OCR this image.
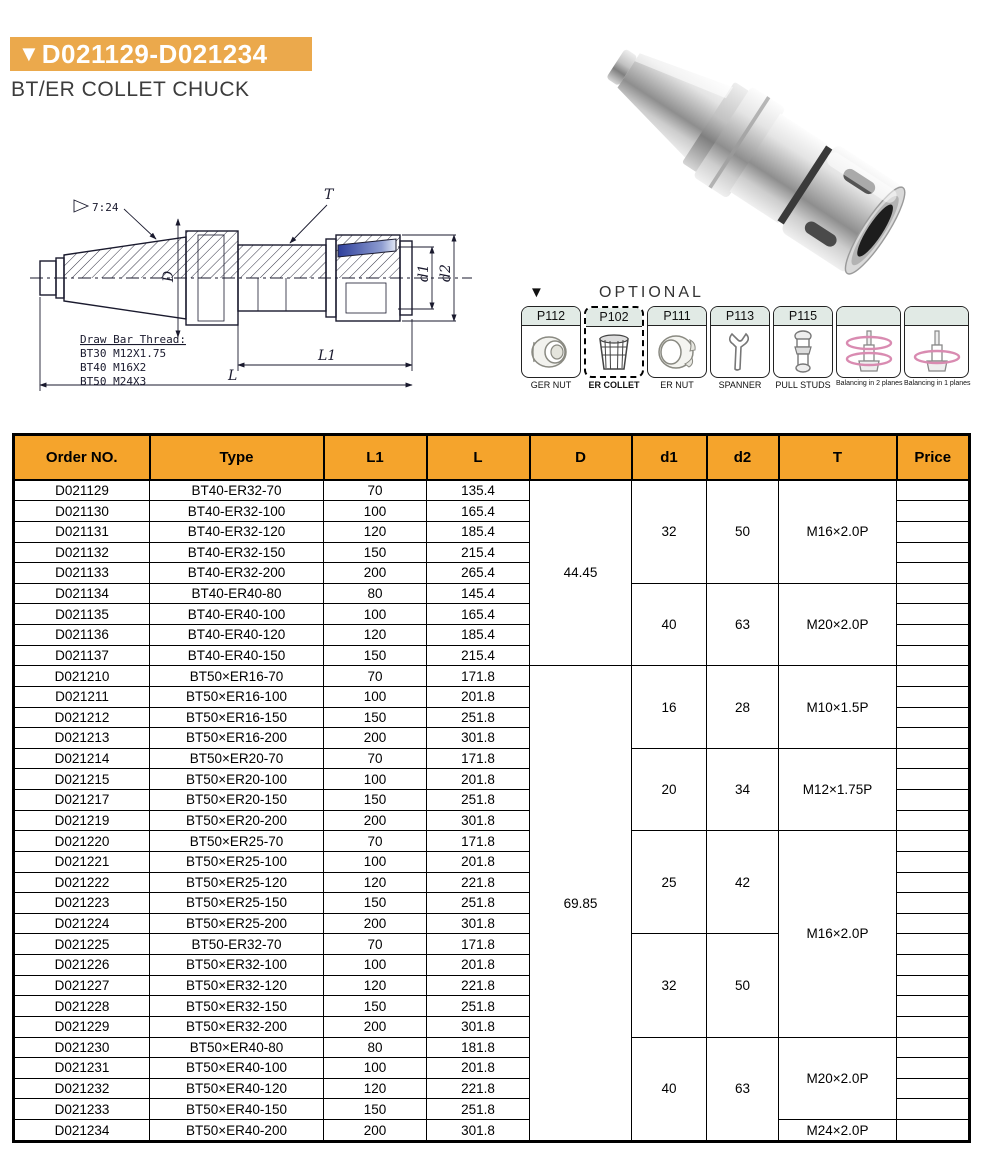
▼ D021129-D021234
BT/ER COLLET CHUCK
7:24
T
D	d1 d2
L1
L
Draw Bar Thread:
BT30 M12X1.75
BT40 M16X2
BT50 M24X3
▼	OPTIONAL
P112
GER NUT
P102
ER COLLET
P111
ER NUT
P113
SPANNER
P115
PULL STUDS Balancing in 2 planes Balancing in 1 planes
Order NO.	Type	L1	L	D	d1	d2	T	Price
D021129	BT40-ER32-70	70	135.4	44.45	32	50	M16×2.0P	
D021130	BT40-ER32-100	100	165.4					
D021131	BT40-ER32-120	120	185.4					
D021132	BT40-ER32-150	150	215.4					
D021133	BT40-ER32-200	200	265.4					
D021134	BT40-ER40-80	80	145.4		40	63	M20×2.0P	
D021135	BT40-ER40-100	100	165.4					
D021136	BT40-ER40-120	120	185.4					
D021137	BT40-ER40-150	150	215.4					
D021210	BT50×ER16-70	70	171.8	69.85	16	28	M10×1.5P	
D021211	BT50×ER16-100	100	201.8					
D021212	BT50×ER16-150	150	251.8					
D021213	BT50×ER16-200	200	301.8					
D021214	BT50×ER20-70	70	171.8		20	34	M12×1.75P	
D021215	BT50×ER20-100	100	201.8					
D021217	BT50×ER20-150	150	251.8					
D021219	BT50×ER20-200	200	301.8					
D021220	BT50×ER25-70	70	171.8		25	42	M16×2.0P	
D021221	BT50×ER25-100	100	201.8					
D021222	BT50×ER25-120	120	221.8					
D021223	BT50×ER25-150	150	251.8					
D021224	BT50×ER25-200	200	301.8					
D021225	BT50-ER32-70	70	171.8		32	50		
D021226	BT50×ER32-100	100	201.8					
D021227	BT50×ER32-120	120	221.8					
D021228	BT50×ER32-150	150	251.8					
D021229	BT50×ER32-200	200	301.8					
D021230	BT50×ER40-80	80	181.8		40	63	M20×2.0P	
D021231	BT50×ER40-100	100	201.8					
D021232	BT50×ER40-120	120	221.8					
D021233	BT50×ER40-150	150	251.8					
D021234	BT50×ER40-200	200	301.8				M24×2.0P	
